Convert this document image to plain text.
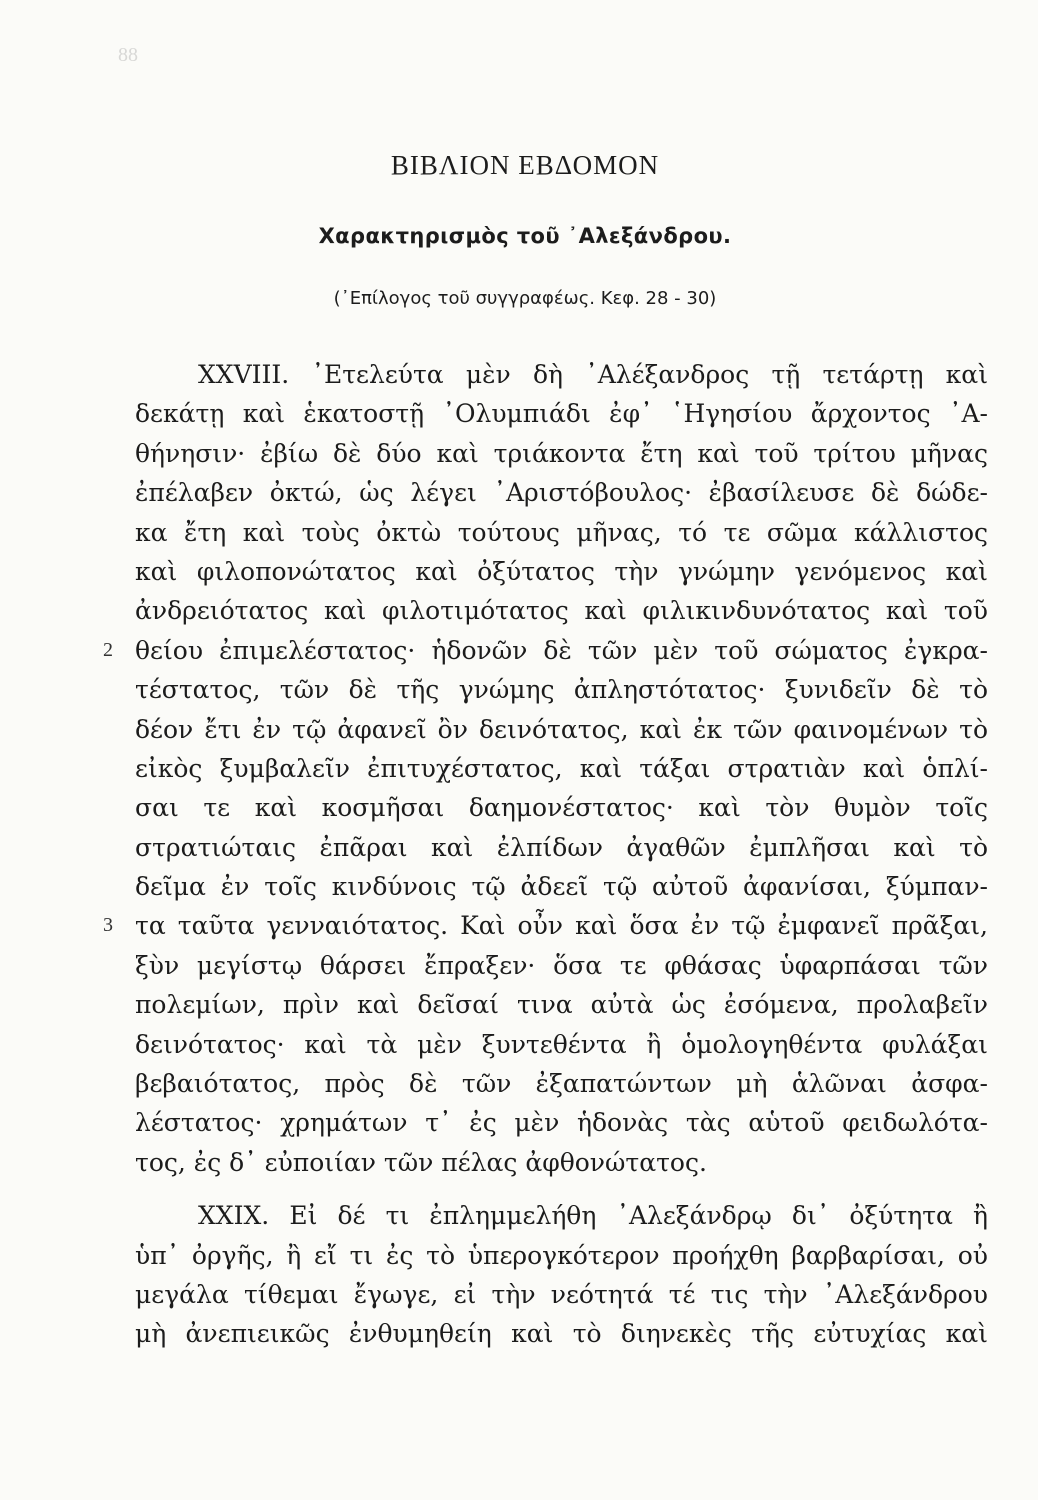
88
ΒΙΒΛΙΟΝ ΕΒΔΟΜΟΝ
Χαρακτηρισμὸς τοῦ ᾿Αλεξάνδρου.
(᾿Επίλογος τοῦ συγγραφέως. Κεφ. 28 - 30)
XXVIII. ᾿Ετελεύτα μὲν δὴ ᾿Αλέξανδρος τῇ τετάρτῃ καὶ
δεκάτῃ καὶ ἑκατοστῇ ᾿Ολυμπιάδι ἐφ᾿ ῾Ηγησίου ἄρχοντος ᾿Α-
θήνησιν· ἐβίω δὲ δύο καὶ τριάκοντα ἔτη καὶ τοῦ τρίτου μῆνας
ἐπέλαβεν ὀκτώ, ὡς λέγει ᾿Αριστόβουλος· ἐβασίλευσε δὲ δώδε-
κα ἔτη καὶ τοὺς ὀκτὼ τούτους μῆνας, τό τε σῶμα κάλλιστος
καὶ φιλοπονώτατος καὶ ὀξύτατος τὴν γνώμην γενόμενος καὶ
ἀνδρειότατος καὶ φιλοτιμότατος καὶ φιλικινδυνότατος καὶ τοῦ
θείου ἐπιμελέστατος· ἡδονῶν δὲ τῶν μὲν τοῦ σώματος ἐγκρα-
2
τέστατος, τῶν δὲ τῆς γνώμης ἀπληστότατος· ξυνιδεῖν δὲ τὸ
δέον ἔτι ἐν τῷ ἀφανεῖ ὂν δεινότατος, καὶ ἐκ τῶν φαινομένων τὸ
εἰκὸς ξυμβαλεῖν ἐπιτυχέστατος, καὶ τάξαι στρατιὰν καὶ ὁπλί-
σαι τε καὶ κοσμῆσαι δαημονέστατος· καὶ τὸν θυμὸν τοῖς
στρατιώταις ἐπᾶραι καὶ ἐλπίδων ἀγαθῶν ἐμπλῆσαι καὶ τὸ
δεῖμα ἐν τοῖς κινδύνοις τῷ ἀδεεῖ τῷ αὐτοῦ ἀφανίσαι, ξύμπαν-
τα ταῦτα γενναιότατος. Καὶ οὖν καὶ ὅσα ἐν τῷ ἐμφανεῖ πρᾶξαι,
3
ξὺν μεγίστῳ θάρσει ἔπραξεν· ὅσα τε φθάσας ὑφαρπάσαι τῶν
πολεμίων, πρὶν καὶ δεῖσαί τινα αὐτὰ ὡς ἐσόμενα, προλαβεῖν
δεινότατος· καὶ τὰ μὲν ξυντεθέντα ἢ ὁμολογηθέντα φυλάξαι
βεβαιότατος, πρὸς δὲ τῶν ἐξαπατώντων μὴ ἁλῶναι ἀσφα-
λέστατος· χρημάτων τ᾿ ἐς μὲν ἡδονὰς τὰς αὑτοῦ φειδωλότα-
τος, ἐς δ᾿ εὐποιίαν τῶν πέλας ἀφθονώτατος.
XXIX. Εἰ δέ τι ἐπλημμελήθη ᾿Αλεξάνδρῳ δι᾿ ὀξύτητα ἢ
ὑπ᾿ ὀργῆς, ἢ εἴ τι ἐς τὸ ὑπερογκότερον προήχθη βαρβαρίσαι, οὐ
μεγάλα τίθεμαι ἔγωγε, εἰ τὴν νεότητά τέ τις τὴν ᾿Αλεξάνδρου
μὴ ἀνεπιεικῶς ἐνθυμηθείη καὶ τὸ διηνεκὲς τῆς εὐτυχίας καὶ
